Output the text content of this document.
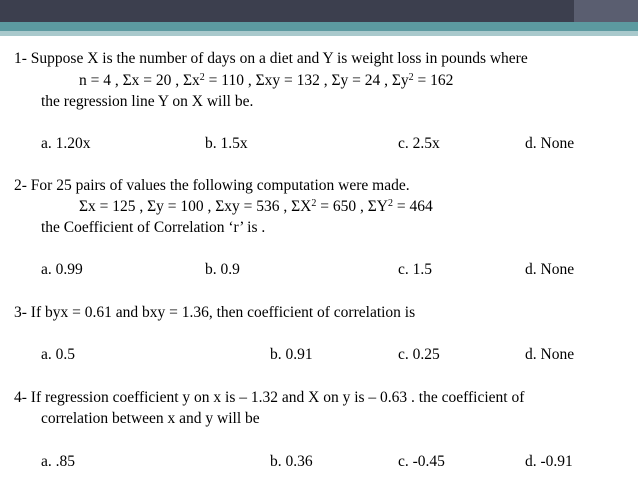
1- Suppose X is the number of days on a diet and Y is weight loss in pounds where
n = 4 , Σx = 20 , $\Sigma x^2 = 110$ , Σxy = 132 , Σy = 24 , $\Sigma y^2 = 162$
the regression line Y on X will be.
a. 1.20x	b. 1.5x	c. 2.5x	d. None
2- For 25 pairs of values the following computation were made.
Σx = 125 , Σy = 100 , Σxy = 536 , $\Sigma X^2 = 650$ , $\Sigma Y^2 = 464$
the Coefficient of Correlation ‘r’ is .
a. 0.99	b. 0.9	c. 1.5	d. None
3- If byx = 0.61 and bxy = 1.36, then coefficient of correlation is
a. 0.5	b. 0.91	c. 0.25	d. None
4- If regression coefficient y on x is – 1.32 and X on y is – 0.63 . the coefficient of
correlation between x and y will be
a. .85	b. 0.36	c. -0.45	d. -0.91
